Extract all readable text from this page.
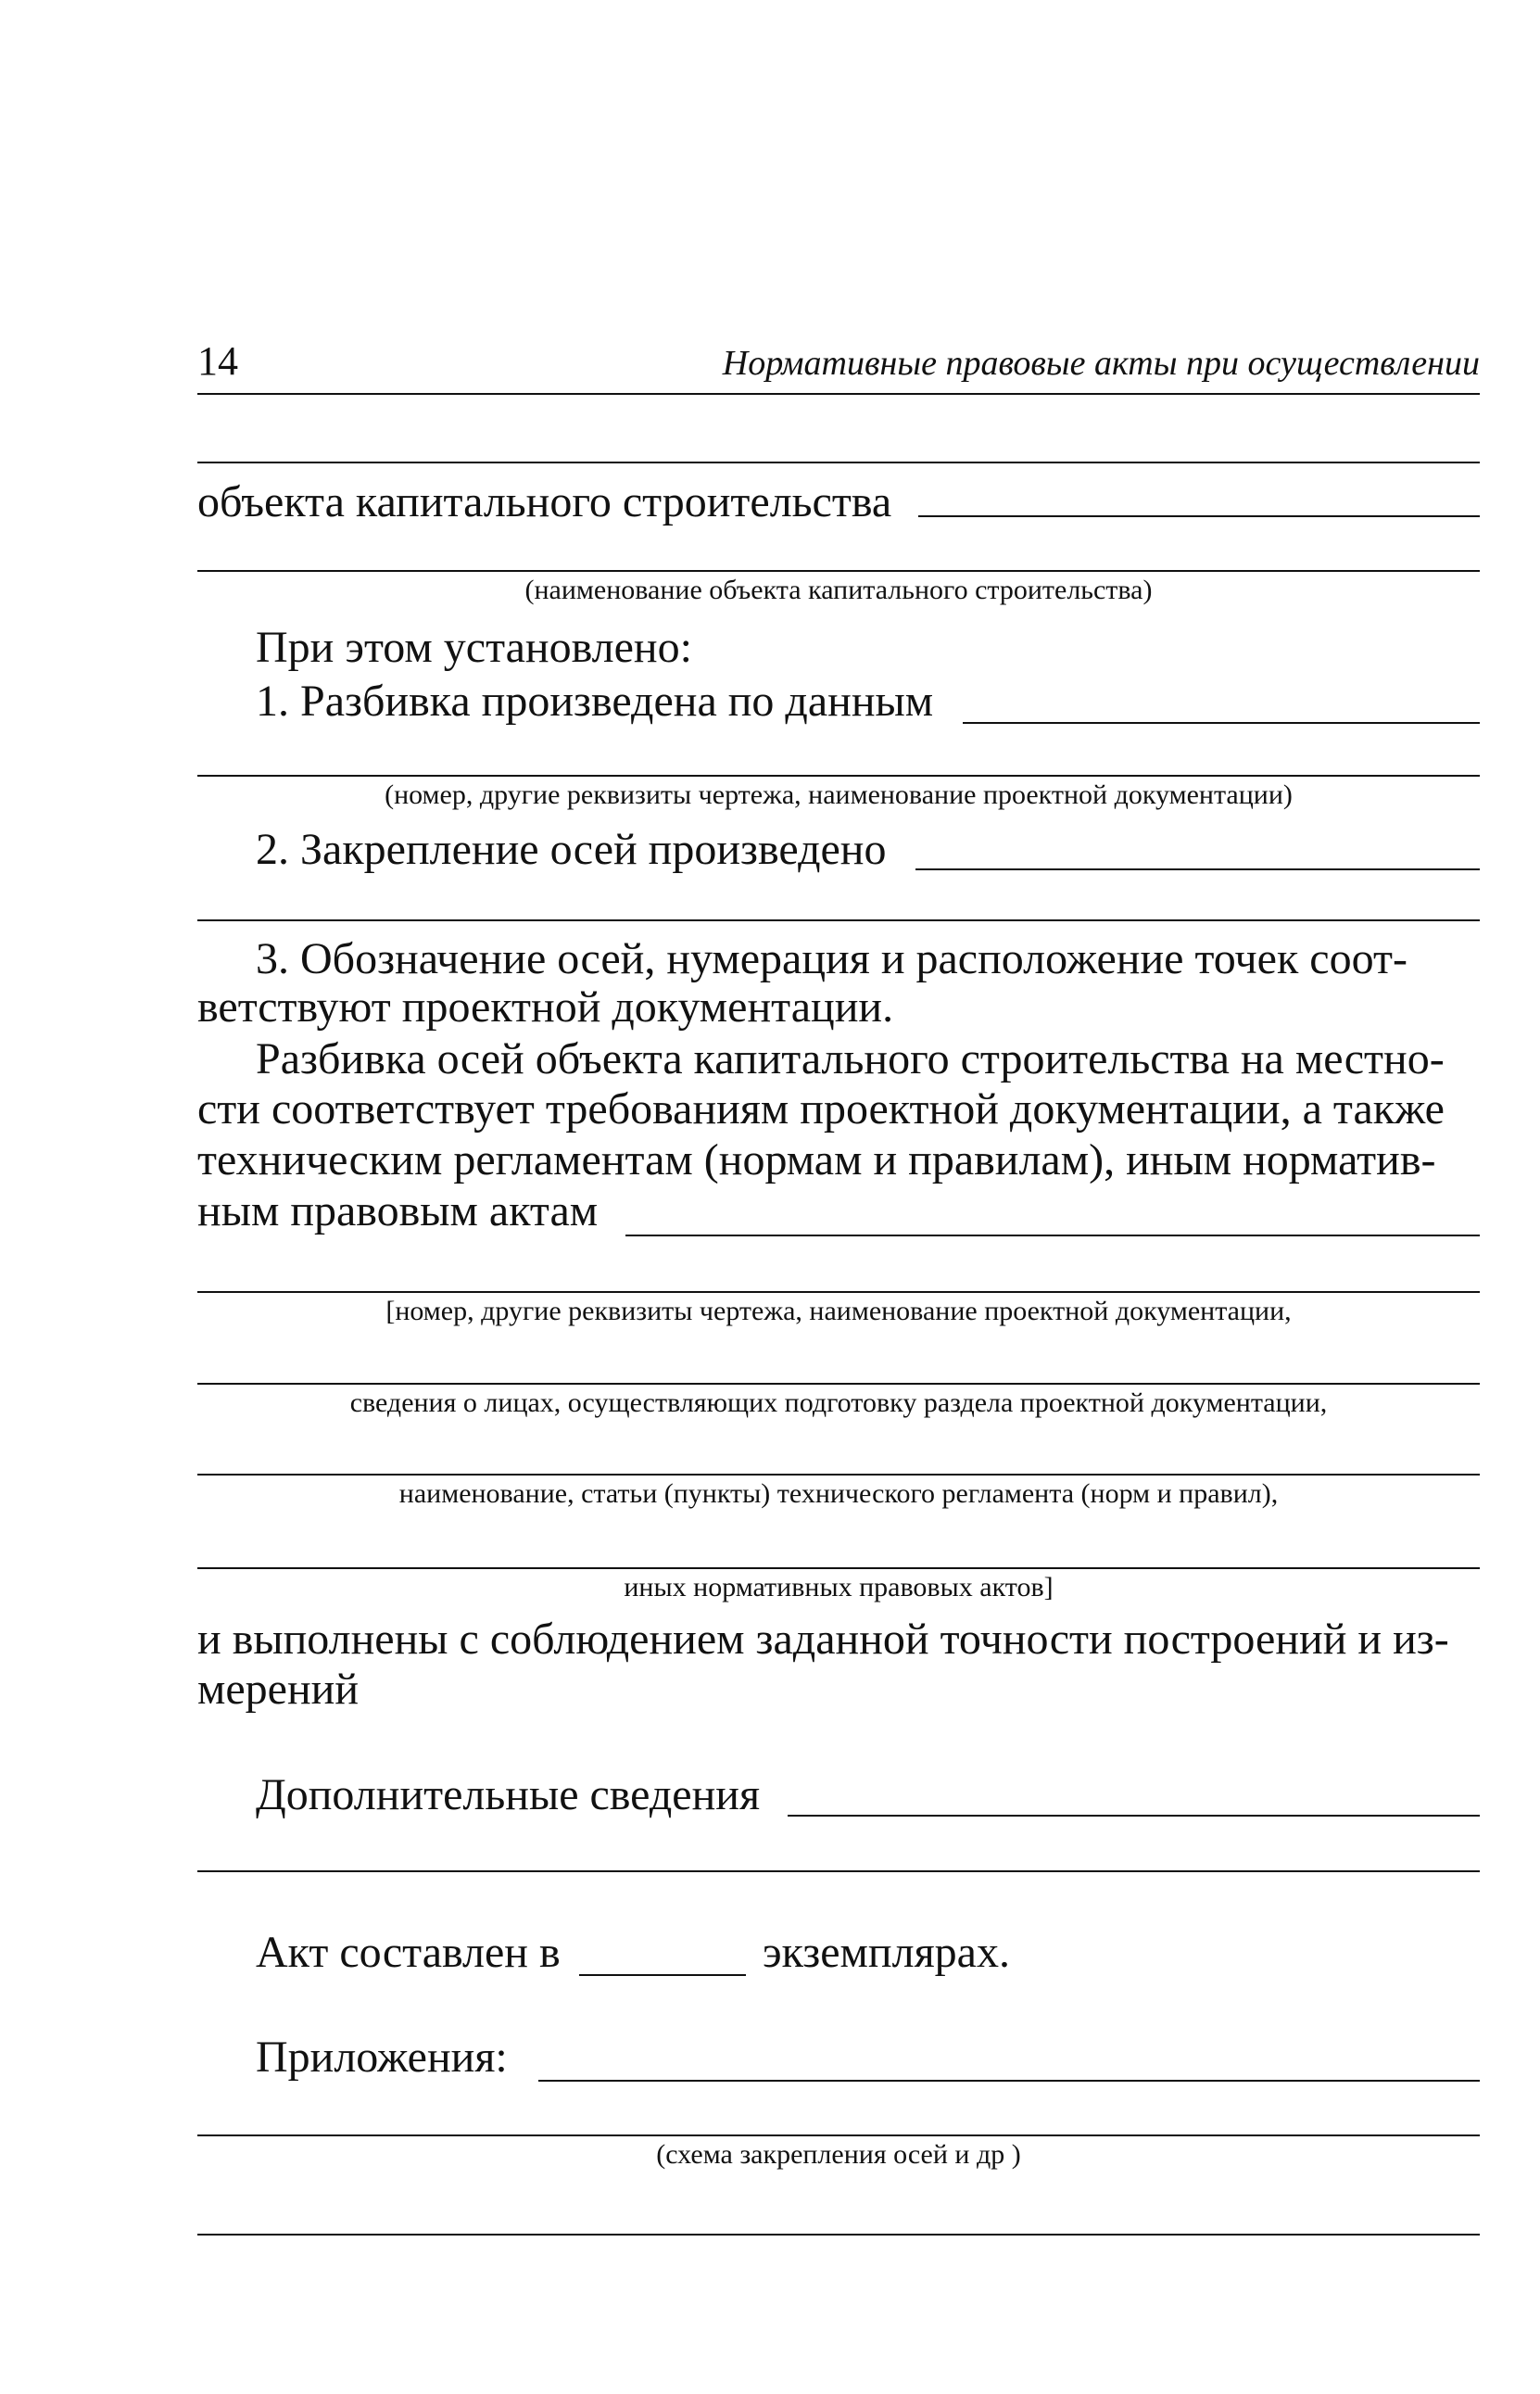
14	Нормативные правовые акты при осуществлении
объекта капитального строительства
(наименование объекта капитального строительства)
При этом установлено:
1. Разбивка произведена по данным
(номер, другие реквизиты чертежа, наименование проектной документации)
2. Закрепление осей произведено
3. Обозначение осей, нумерация и расположение точек соот-
ветствуют проектной документации.
Разбивка осей объекта капитального строительства на местно-
сти соответствует требованиям проектной документации, а также
техническим регламентам (нормам и правилам), иным норматив-
ным правовым актам
[номер, другие реквизиты чертежа, наименование проектной документации,
сведения о лицах, осуществляющих подготовку раздела проектной документации,
наименование, статьи (пункты) технического регламента (норм и правил),
иных нормативных правовых актов]
и выполнены с соблюдением заданной точности построений и из-
мерений
Дополнительные сведения
Акт составлен в	экземплярах.
Приложения:
(схема закрепления осей и др )
